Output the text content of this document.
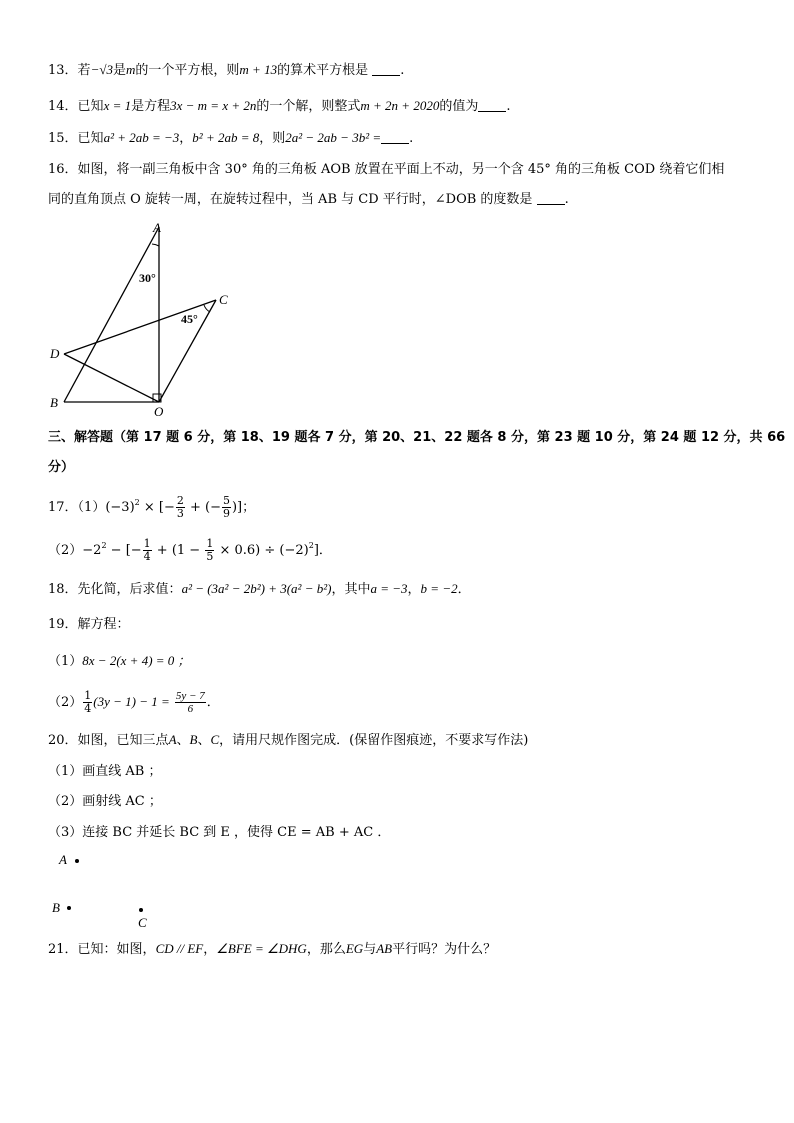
13．若−√3是m的一个平方根，则m + 13的算术平方根是 .
14．已知x = 1是方程3x − m = x + 2n的一个解，则整式m + 2n + 2020的值为 .
15．已知a² + 2ab = −3，b² + 2ab = 8，则2a² − 2ab − 3b² = .
16．如图，将一副三角板中含 30° 角的三角板 AOB 放置在平面上不动，另一个含 45° 角的三角板 COD 绕着它们相
同的直角顶点 O 旋转一周，在旋转过程中，当 AB 与 CD 平行时，∠DOB 的度数是 .
A
C
D
B
O
30°
45°
三、解答题（第 17 题 6 分，第 18、19 题各 7 分，第 20、21、22 题各 8 分，第 23 题 10 分，第 24 题 12 分，共 66
分）
17．$(1)(-3)^2$ × [− $\frac{2}{3}$ + (− $\frac{5}{9}$ )]；
$(2)-2^2$ − [− $\frac{1}{4} + (1 - \frac{1}{5} \times 0.6) \div (-2)^2$]．
18．先化简，后求值：a² − (3a² − 2b²) + 3(a² − b²)，其中a = −3，b = −2．
19．解方程：
（1）8x − 2(x + 4) = 0 ；
$(2) \frac{1}{4} (3y - 1) - 1 = \frac{5y - 7}{6}$ ．
20．如图，已知三点A、B、C，请用尺规作图完成．(保留作图痕迹，不要求写作法)
（1）画直线 AB ；
（2）画射线 AC ；
（3）连接 BC 并延长 BC 到 E ，使得 CE = AB + AC ．
A
B
C
21．已知：如图，CD // EF，∠BFE = ∠DHG，那么EG与AB平行吗？为什么？
